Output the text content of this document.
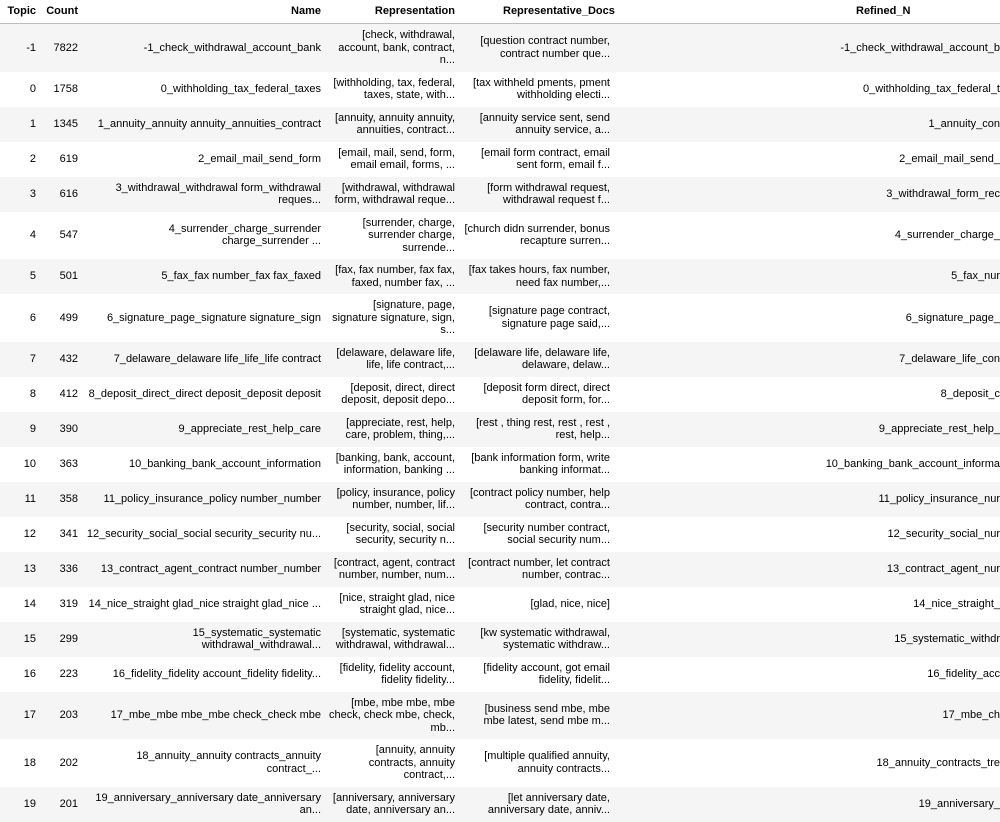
Topic	Count	Name	Representation	Representative_Docs	Refined_N
-1	7822	-1_check_withdrawal_account_bank	[check, withdrawal, account, bank, contract, n...	[question contract number, contract number que...	-1_check_withdrawal_account_b
0	1758	0_withholding_tax_federal_taxes	[withholding, tax, federal, taxes, state, with...	[tax withheld pments, pment withholding electi...	0_withholding_tax_federal_t
1	1345	1_annuity_annuity annuity_annuities_contract	[annuity, annuity annuity, annuities, contract...	[annuity service sent, send annuity service, a...	1_annuity_con
2	619	2_email_mail_send_form	[email, mail, send, form, email email, forms, ...	[email form contract, email sent form, email f...	2_email_mail_send_
3	616	3_withdrawal_withdrawal form_withdrawal reques...	[withdrawal, withdrawal form, withdrawal reque...	[form withdrawal request, withdrawal request f...	3_withdrawal_form_rec
4	547	4_surrender_charge_surrender charge_surrender ...	[surrender, charge, surrender charge, surrende...	[church didn surrender, bonus recapture surren...	4_surrender_charge_
5	501	5_fax_fax number_fax fax_faxed	[fax, fax number, fax fax, faxed, number fax, ...	[fax takes hours, fax number, need fax number,...	5_fax_nur
6	499	6_signature_page_signature signature_sign	[signature, page, signature signature, sign, s...	[signature page contract, signature page said,...	6_signature_page_
7	432	7_delaware_delaware life_life_life contract	[delaware, delaware life, life, life contract,...	[delaware life, delaware life, delaware, delaw...	7_delaware_life_con
8	412	8_deposit_direct_direct deposit_deposit deposit	[deposit, direct, direct deposit, deposit depo...	[deposit form direct, direct deposit form, for...	8_deposit_c
9	390	9_appreciate_rest_help_care	[appreciate, rest, help, care, problem, thing,...	[rest , thing rest, rest , rest , rest, help...	9_appreciate_rest_help_
10	363	10_banking_bank_account_information	[banking, bank, account, information, banking ...	[bank information form, write banking informat...	10_banking_bank_account_informa
11	358	11_policy_insurance_policy number_number	[policy, insurance, policy number, number, lif...	[contract policy number, help contract, contra...	11_policy_insurance_nur
12	341	12_security_social_social security_security nu...	[security, social, social security, security n...	[security number contract, social security num...	12_security_social_nur
13	336	13_contract_agent_contract number_number	[contract, agent, contract number, number, num...	[contract number, let contract number, contrac...	13_contract_agent_nur
14	319	14_nice_straight glad_nice straight glad_nice ...	[nice, straight glad, nice straight glad, nice...	[glad, nice, nice]	14_nice_straight_
15	299	15_systematic_systematic withdrawal_withdrawal...	[systematic, systematic withdrawal, withdrawal...	[kw systematic withdrawal, systematic withdraw...	15_systematic_withdr
16	223	16_fidelity_fidelity account_fidelity fidelity...	[fidelity, fidelity account, fidelity fidelity...	[fidelity account, got email fidelity, fidelit...	16_fidelity_acc
17	203	17_mbe_mbe mbe_mbe check_check mbe	[mbe, mbe mbe, mbe check, check mbe, check, mb...	[business send mbe, mbe mbe latest, send mbe m...	17_mbe_ch
18	202	18_annuity_annuity contracts_annuity contract_...	[annuity, annuity contracts, annuity contract,...	[multiple qualified annuity, annuity contracts...	18_annuity_contracts_tre
19	201	19_anniversary_anniversary date_anniversary an...	[anniversary, anniversary date, anniversary an...	[let anniversary date, anniversary date, anniv...	19_anniversary_
